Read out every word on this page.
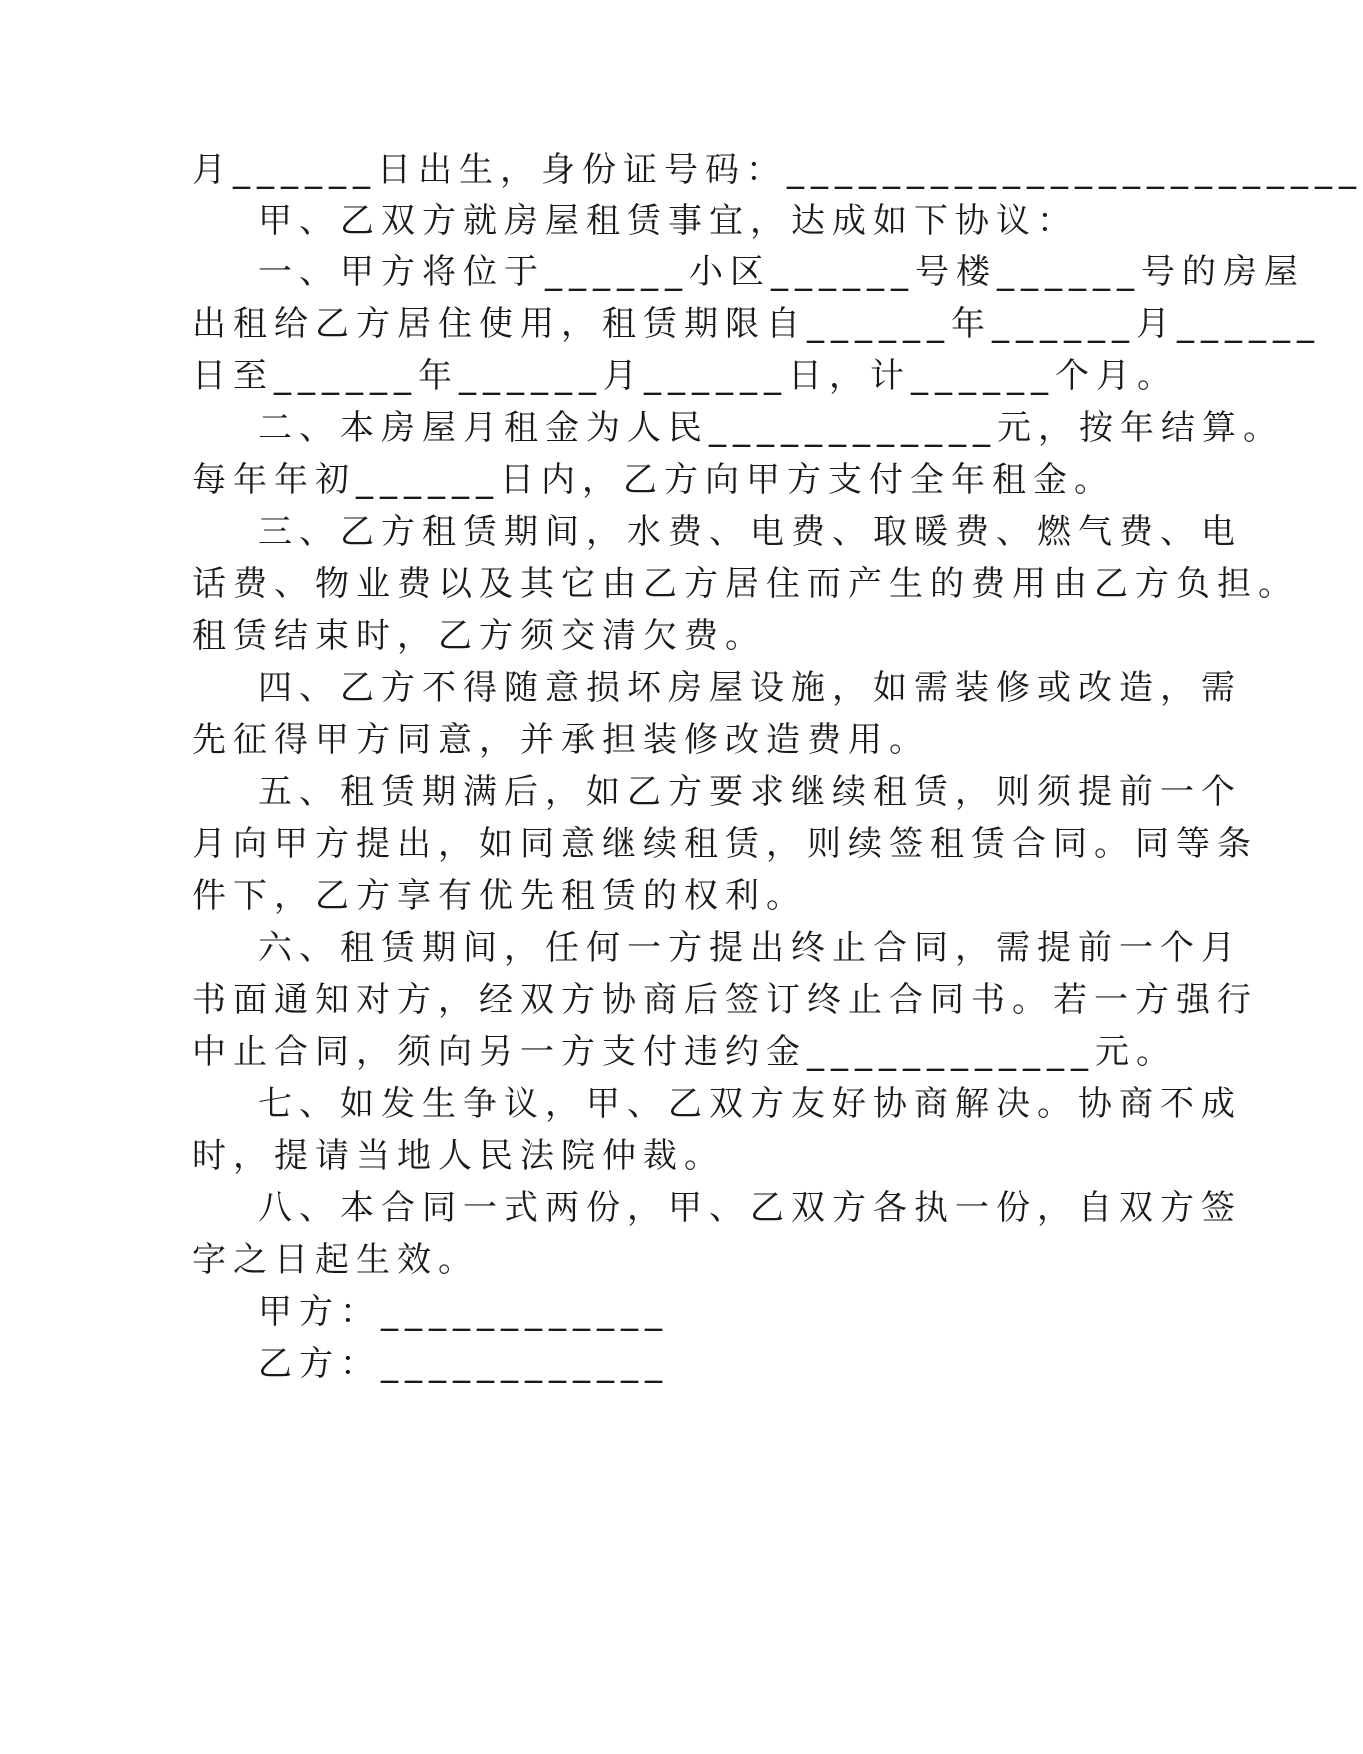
月______日出生，身份证号码：________________________
甲、乙双方就房屋租赁事宜，达成如下协议：
一、甲方将位于______小区______号楼______号的房屋
出租给乙方居住使用，租赁期限自______年______月______
日至______年______月______日，计______个月。
二、本房屋月租金为人民____________元，按年结算。
每年年初______日内，乙方向甲方支付全年租金。
三、乙方租赁期间，水费、电费、取暖费、燃气费、电
话费、物业费以及其它由乙方居住而产生的费用由乙方负担。
租赁结束时，乙方须交清欠费。
四、乙方不得随意损坏房屋设施，如需装修或改造，需
先征得甲方同意，并承担装修改造费用。
五、租赁期满后，如乙方要求继续租赁，则须提前一个
月向甲方提出，如同意继续租赁，则续签租赁合同。同等条
件下，乙方享有优先租赁的权利。
六、租赁期间，任何一方提出终止合同，需提前一个月
书面通知对方，经双方协商后签订终止合同书。若一方强行
中止合同，须向另一方支付违约金____________元。
七、如发生争议，甲、乙双方友好协商解决。协商不成
时，提请当地人民法院仲裁。
八、本合同一式两份，甲、乙双方各执一份，自双方签
字之日起生效。
甲方：____________
乙方：____________
